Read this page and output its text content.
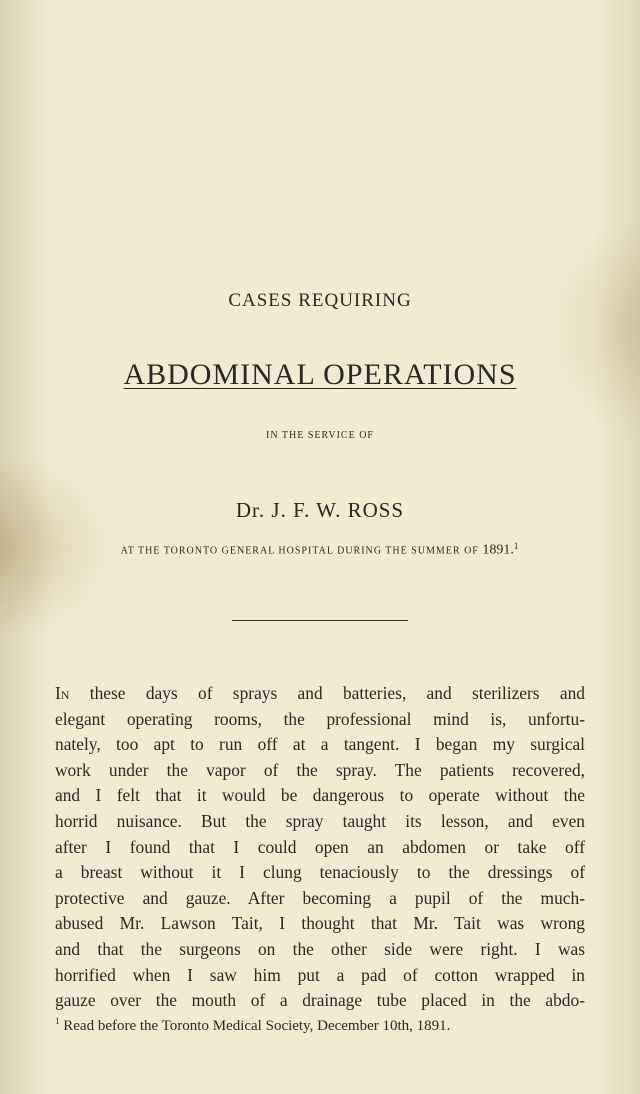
CASES REQUIRING
ABDOMINAL OPERATIONS
IN THE SERVICE OF
Dr. J. F. W. ROSS
AT THE TORONTO GENERAL HOSPITAL DURING THE SUMMER OF 1891.$^1$
In these days of sprays and batteries, and sterilizers and
elegant operating rooms, the professional mind is, unfortu-
nately, too apt to run off at a tangent. I began my surgical
work under the vapor of the spray. The patients recovered,
and I felt that it would be dangerous to operate without the
horrid nuisance. But the spray taught its lesson, and even
after I found that I could open an abdomen or take off
a breast without it I clung tenaciously to the dressings of
protective and gauze. After becoming a pupil of the much-
abused Mr. Lawson Tait, I thought that Mr. Tait was wrong
and that the surgeons on the other side were right. I was
horrified when I saw him put a pad of cotton wrapped in
gauze over the mouth of a drainage tube placed in the abdo-
$^1$ Read before the Toronto Medical Society, December 10th, 1891.
